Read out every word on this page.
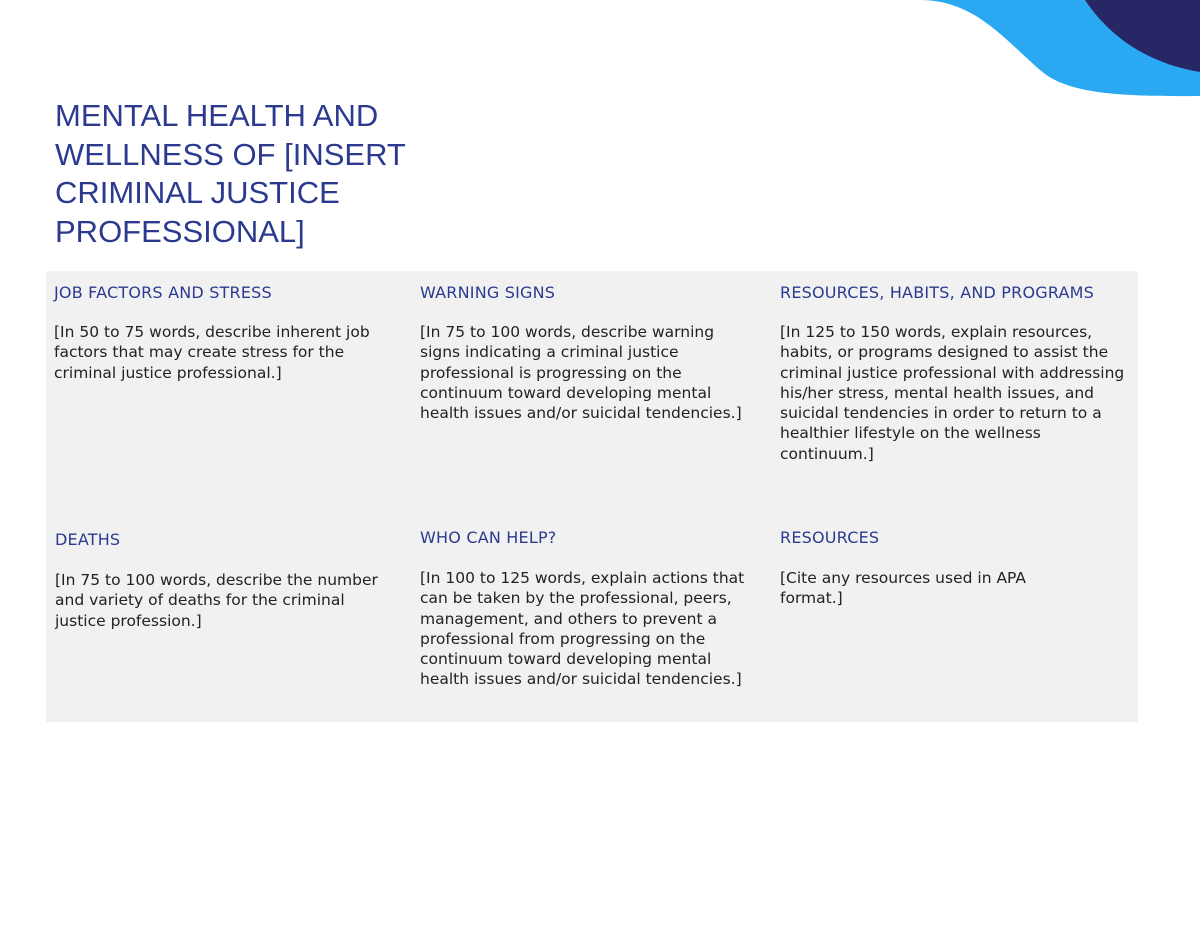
MENTAL HEALTH AND WELLNESS OF [INSERT CRIMINAL JUSTICE PROFESSIONAL]
JOB FACTORS AND STRESS

[In 50 to 75 words, describe inherent job factors that may create stress for the criminal justice professional.]

WARNING SIGNS

[In 75 to 100 words, describe warning signs indicating a criminal justice professional is progressing on the continuum toward developing mental health issues and/or suicidal tendencies.]

RESOURCES, HABITS, AND PROGRAMS

[In 125 to 150 words, explain resources, habits, or programs designed to assist the criminal justice professional with addressing his/her stress, mental health issues, and suicidal tendencies in order to return to a healthier lifestyle on the wellness continuum.]

DEATHS

[In 75 to 100 words, describe the number and variety of deaths for the criminal justice profession.]

WHO CAN HELP?

[In 100 to 125 words, explain actions that can be taken by the professional, peers, management, and others to prevent a professional from progressing on the continuum toward developing mental health issues and/or suicidal tendencies.]

RESOURCES

[Cite any resources used in APA format.]
